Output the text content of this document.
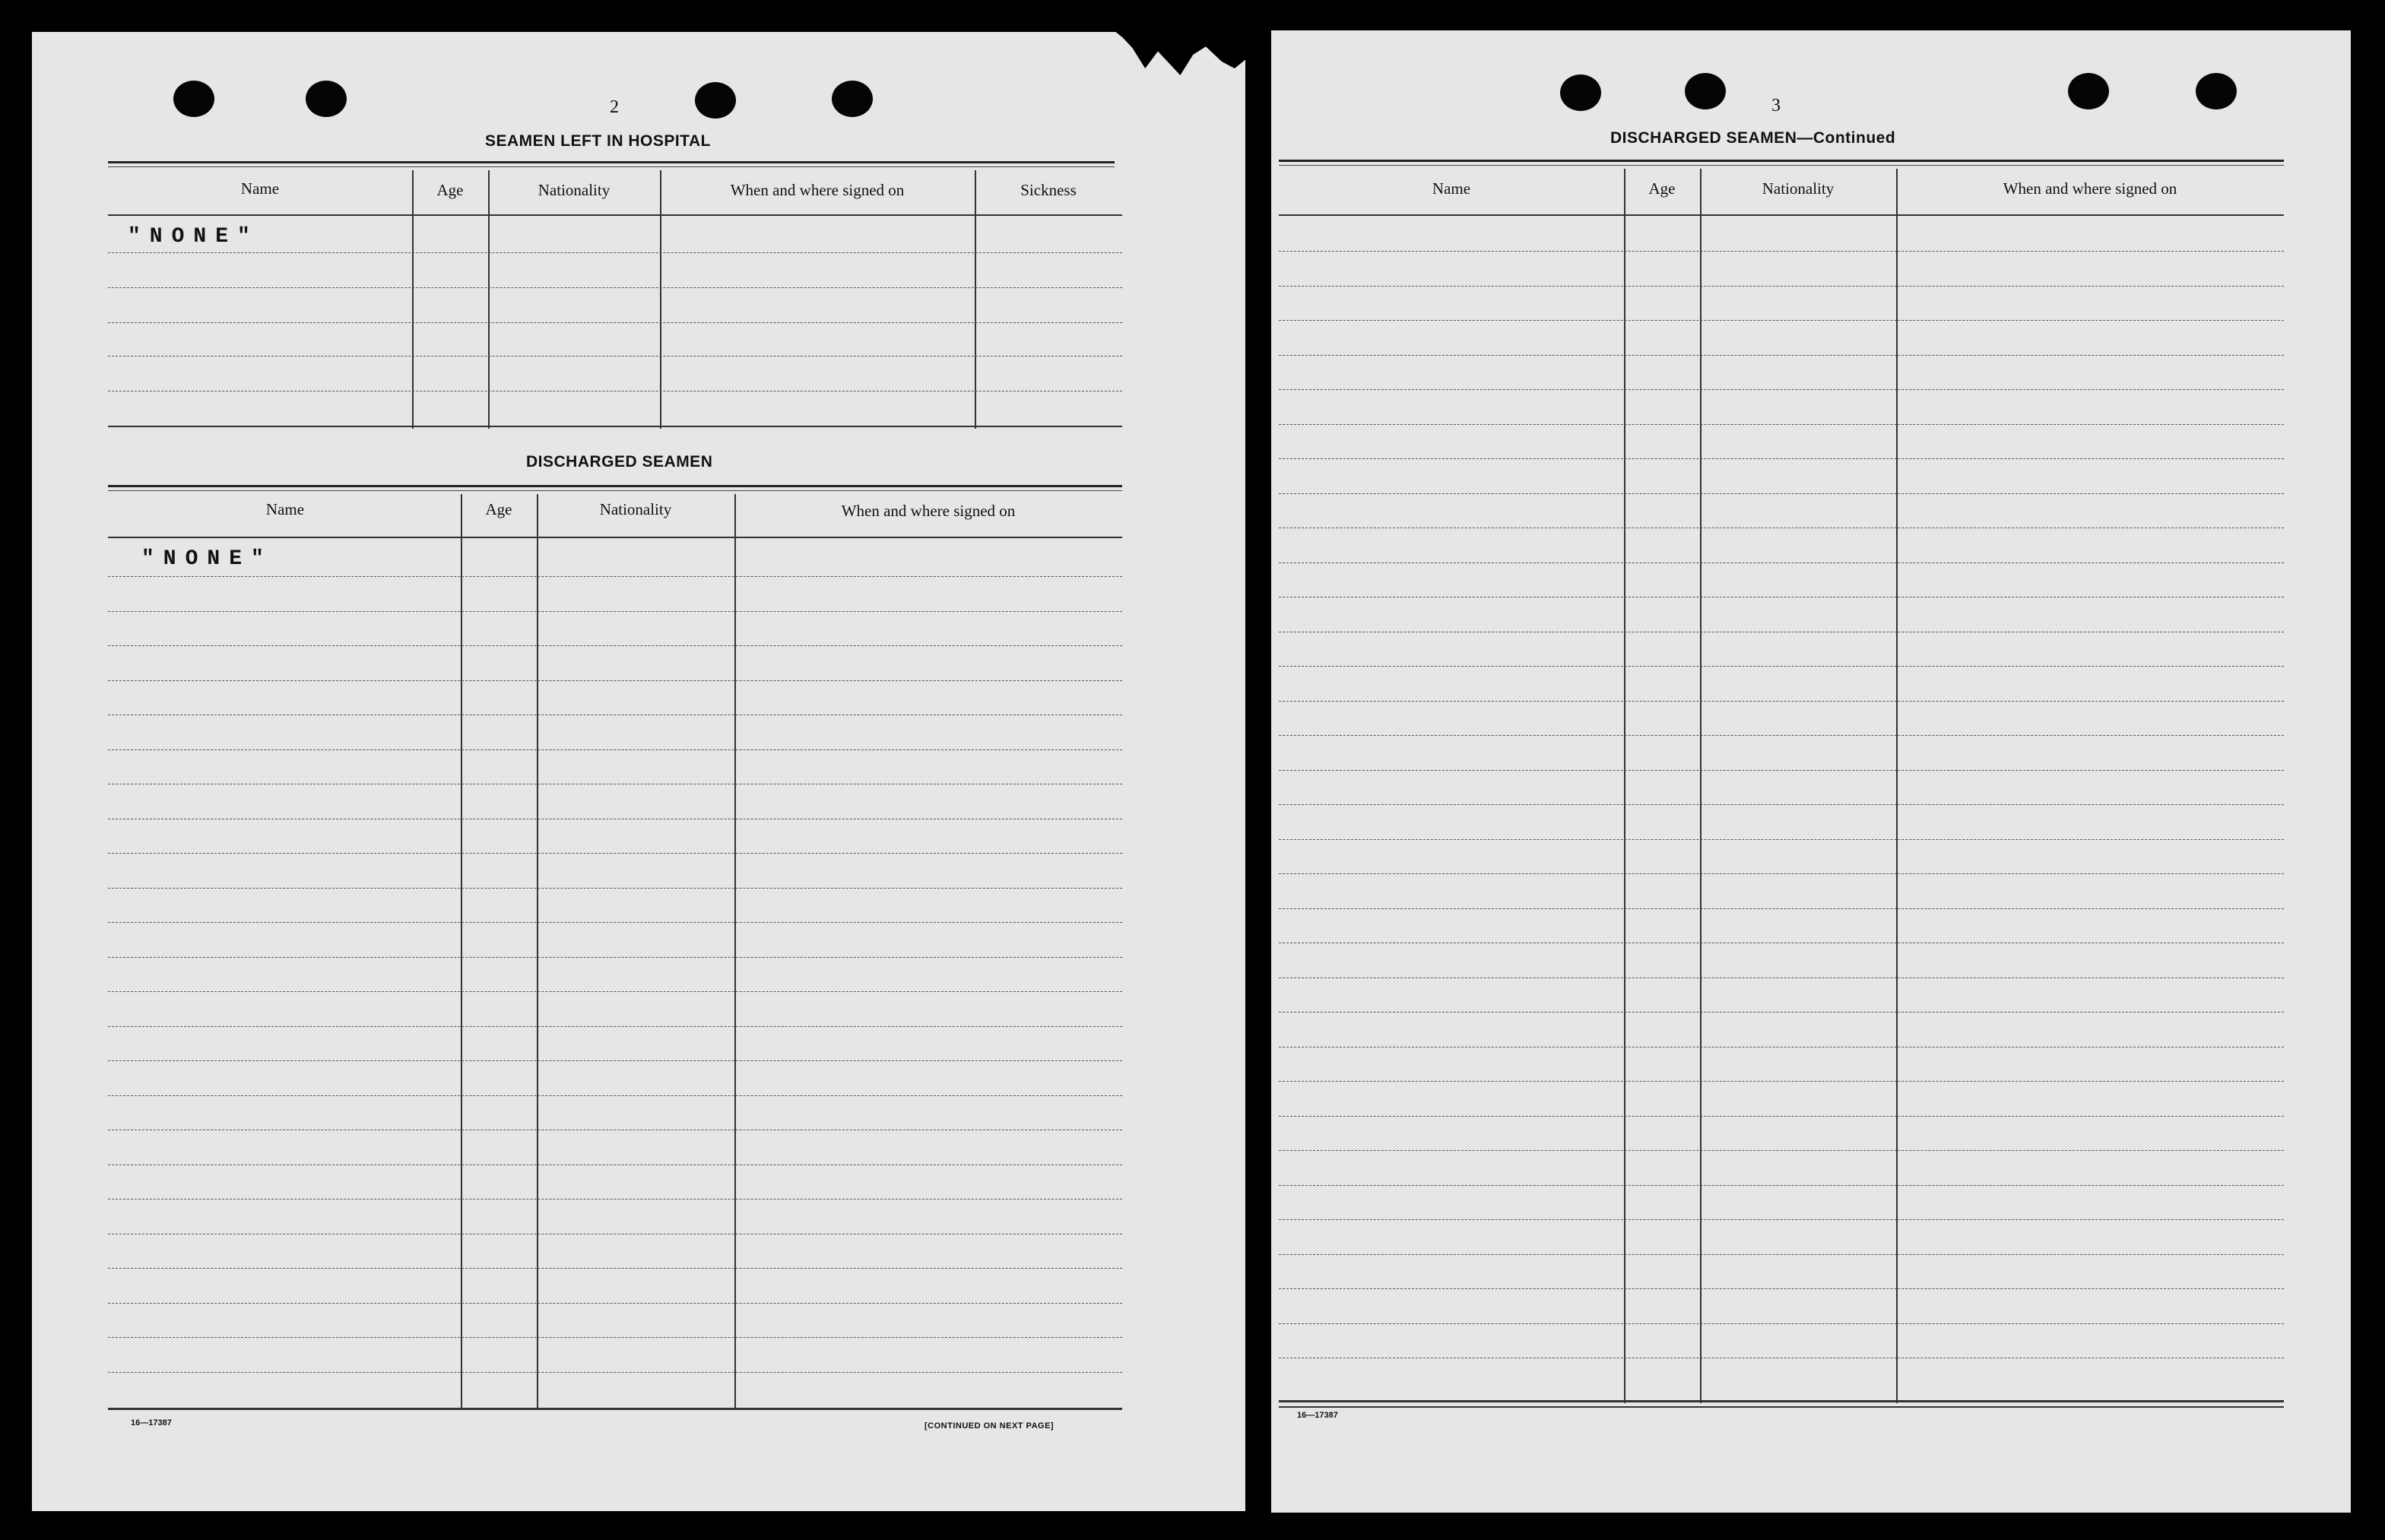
2
SEAMEN LEFT IN HOSPITAL
Name	Age	Nationality	When and where signed on	Sickness
"NONE"
DISCHARGED SEAMEN
Name	Age	Nationality	When and where signed on
"NONE"
16—17387	[CONTINUED ON NEXT PAGE]
3
DISCHARGED SEAMEN—Continued
Name	Age	Nationality	When and where signed on
16—17387
